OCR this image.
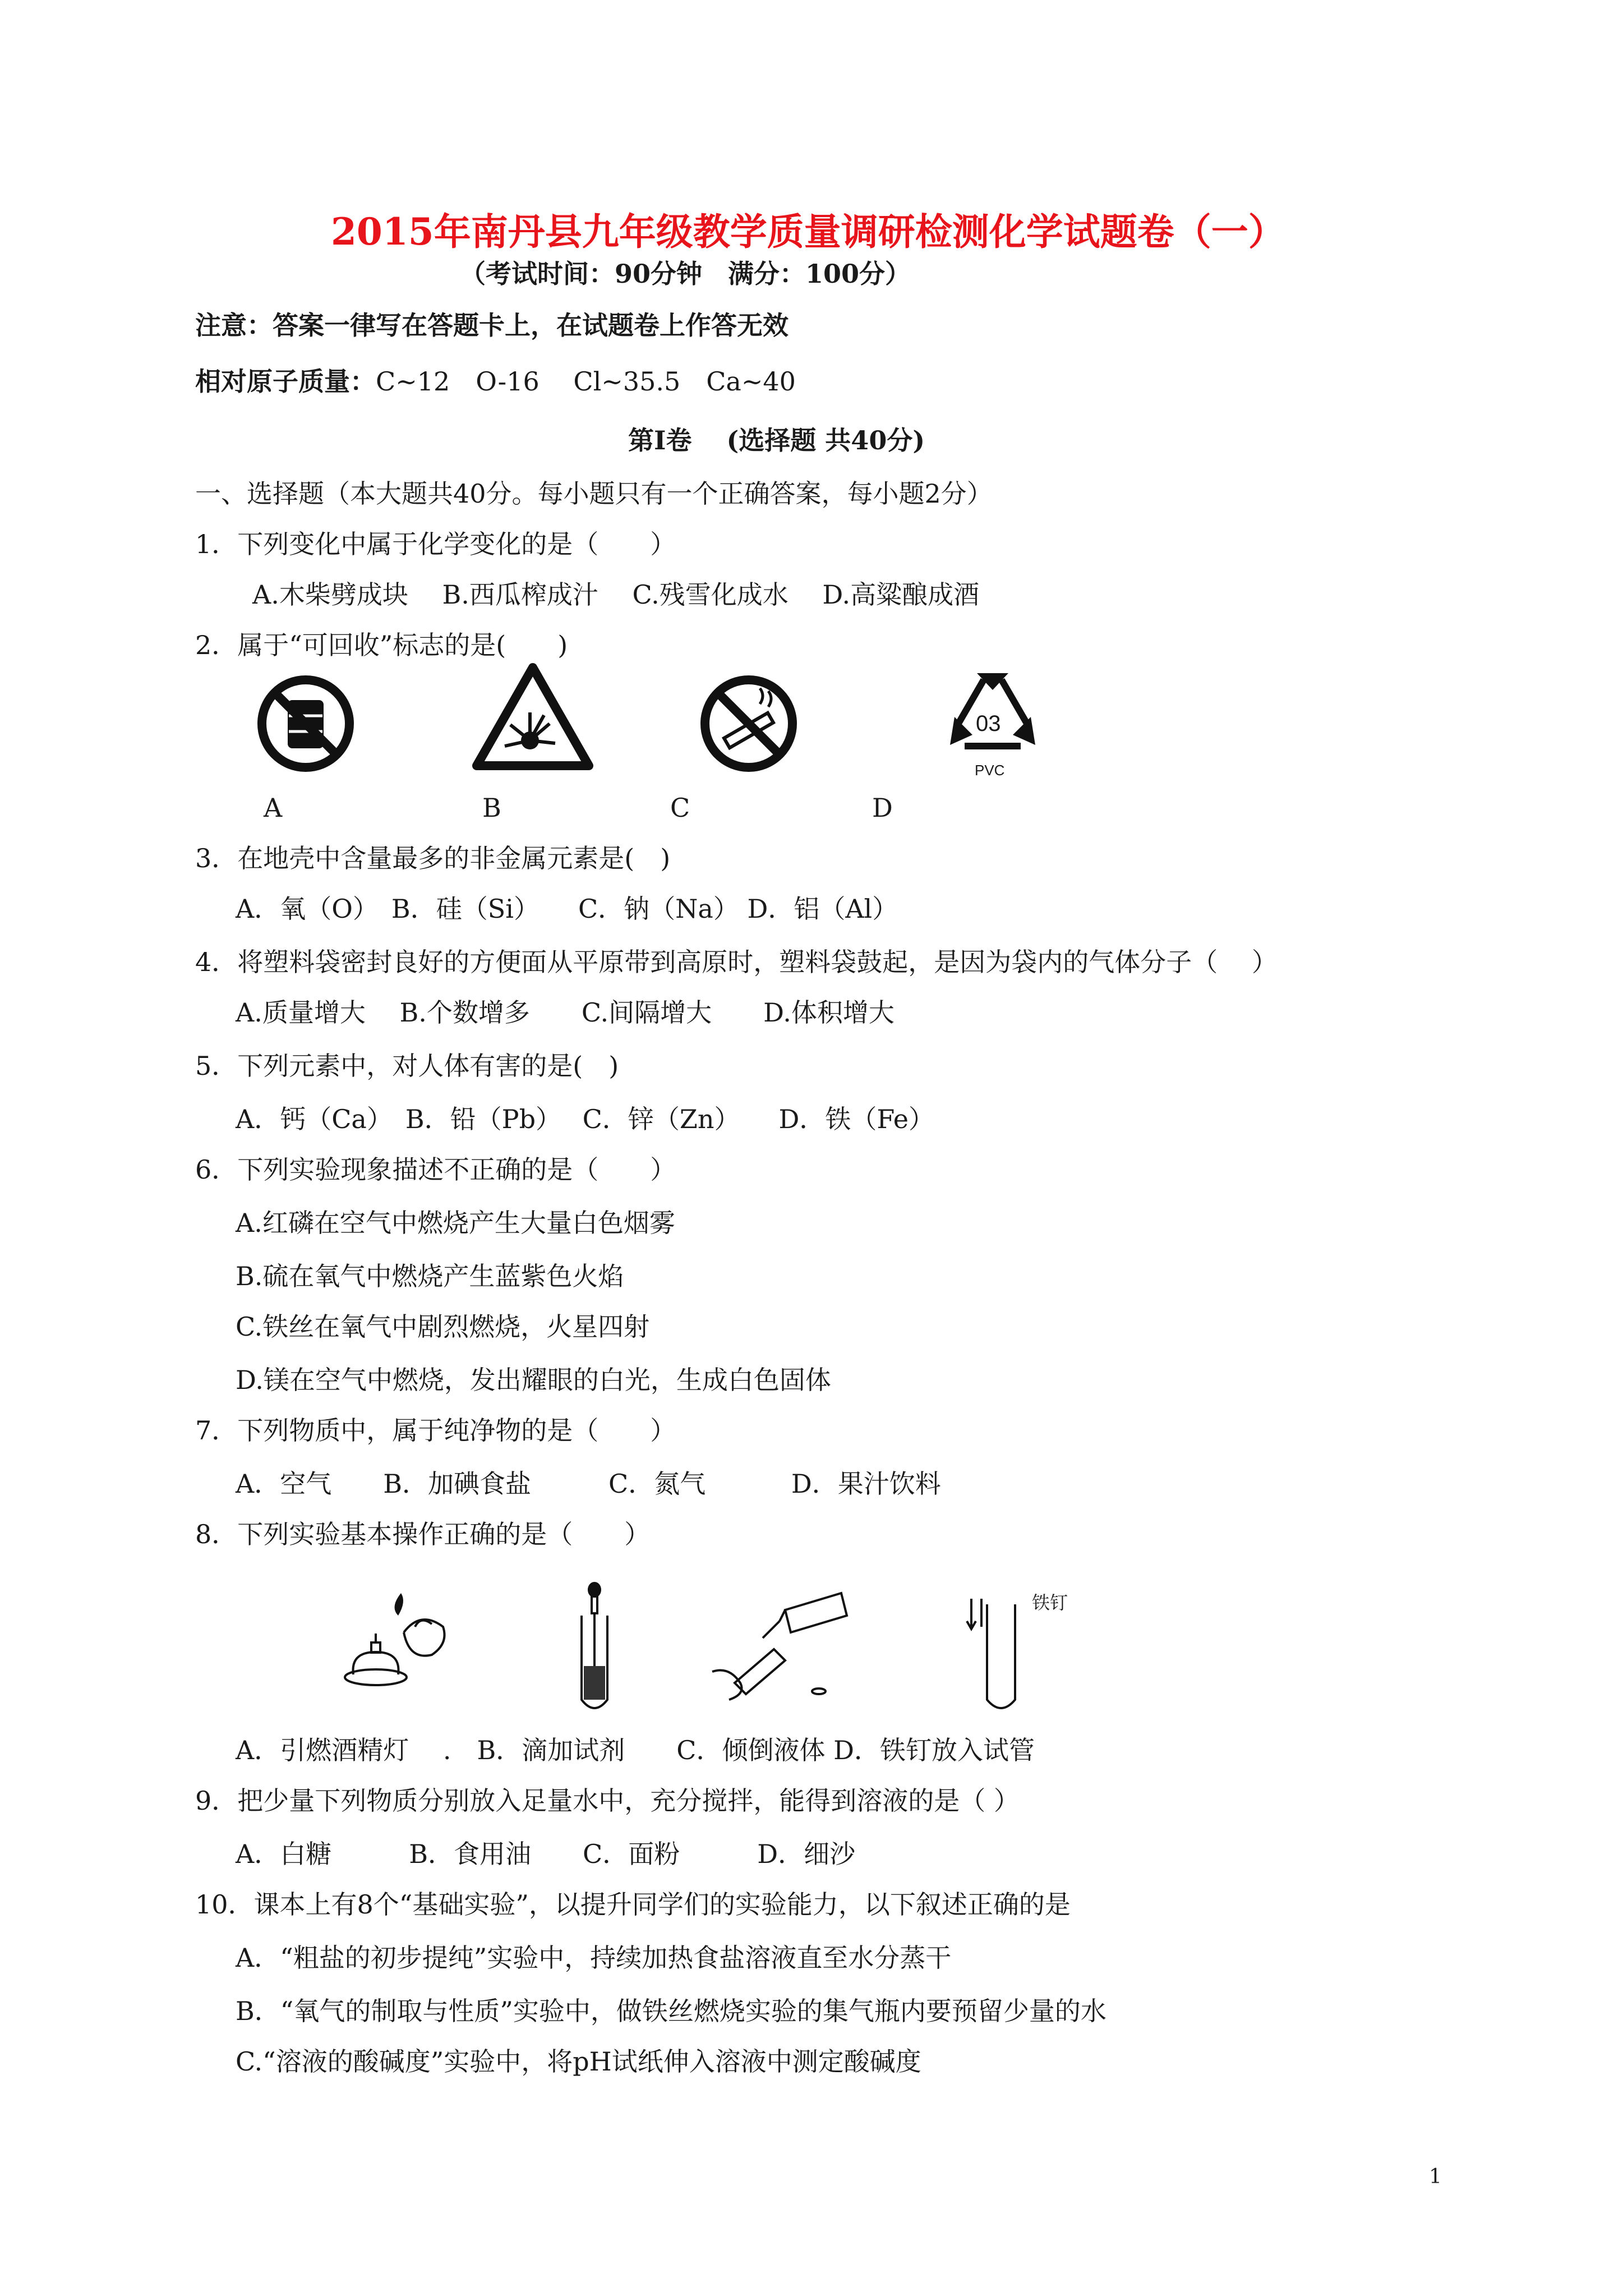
2015年南丹县九年级教学质量调研检测化学试题卷（一）
（考试时间：90分钟　满分：100分）
注意：答案一律写在答题卡上，在试题卷上作答无效
相对原子质量：C~12　O-16　 Cl~35.5　Ca~40
第Ⅰ卷　 (选择题 共40分)
一、选择题（本大题共40分。每小题只有一个正确答案，每小题2分）
1．下列变化中属于化学变化的是（　　）
A.木柴劈成块　 B.西瓜榨成汁　 C.残雪化成水　 D.高粱酿成酒
2．属于“可回收”标志的是(　　)
03
PVC
A	B	C	D
3．在地壳中含量最多的非金属元素是(　)
A．氧（O）　B．硅（Si）　　C．钠（Na） D．铝（Al）
4．将塑料袋密封良好的方便面从平原带到高原时，塑料袋鼓起，是因为袋内的气体分子（　 ）
A.质量增大　 B.个数增多　　C.间隔增大　　D.体积增大
5．下列元素中，对人体有害的是(　)
A．钙（Ca）　B．铅（Pb）　 C．锌（Zn）　　D．铁（Fe）
6．下列实验现象描述不正确的是（　　）
A.红磷在空气中燃烧产生大量白色烟雾
B.硫在氧气中燃烧产生蓝紫色火焰
C.铁丝在氧气中剧烈燃烧，火星四射
D.镁在空气中燃烧，发出耀眼的白光，生成白色固体
7．下列物质中，属于纯净物的是（　　）
A．空气　　B．加碘食盐　　　C．氮气　　　 D．果汁饮料
8．下列实验基本操作正确的是（　　）
铁钉
A．引燃酒精灯　 .　B．滴加试剂　　C．倾倒液体 D．铁钉放入试管
9．把少量下列物质分别放入足量水中，充分搅拌，能得到溶液的是（ ）
A．白糖　　　B．食用油　　C．面粉　　　D．细沙
10．课本上有8个“基础实验”，以提升同学们的实验能力，以下叙述正确的是
A．“粗盐的初步提纯”实验中，持续加热食盐溶液直至水分蒸干
B．“氧气的制取与性质”实验中，做铁丝燃烧实验的集气瓶内要预留少量的水
C.“溶液的酸碱度”实验中，将pH试纸伸入溶液中测定酸碱度
1
